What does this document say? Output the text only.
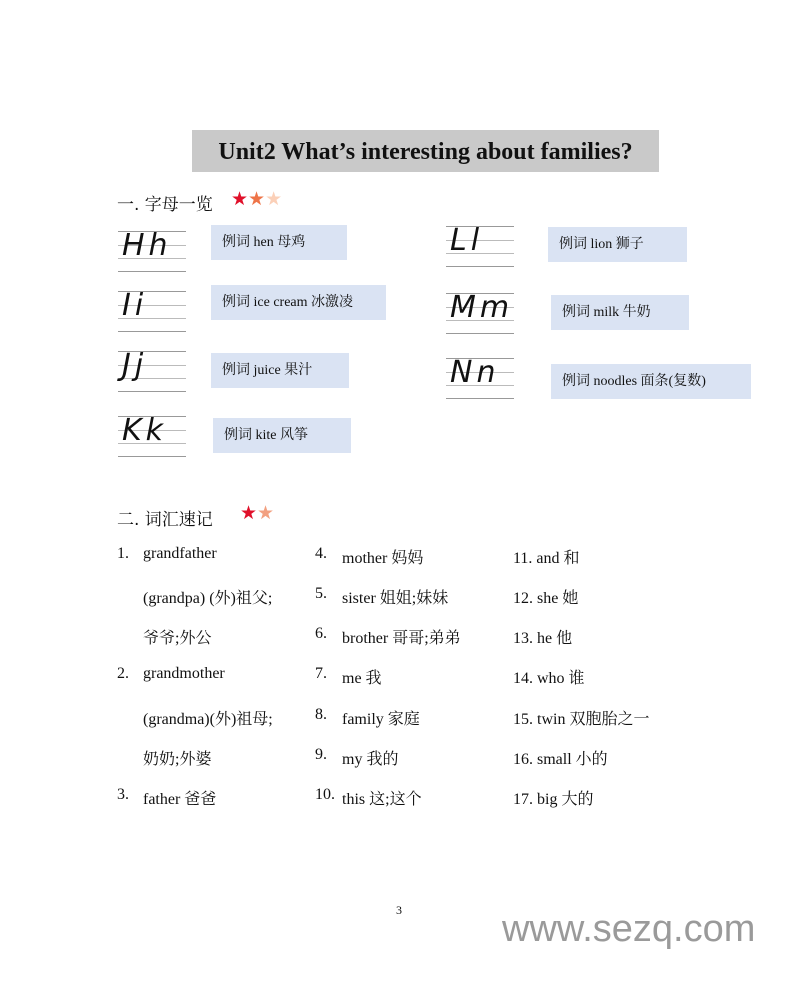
Unit2 What’s interesting about families?
一. 字母一览 ★★★
Hh
Ii
Jj
Kk
Ll
Mm
Nn
例词 hen 母鸡
例词 ice cream 冰激凌
例词 juice 果汁
例词 kite 风筝
例词 lion 狮子
例词 milk 牛奶
例词 noodles 面条(复数)
二. 词汇速记 ★★
1. grandfather
(grandpa) (外)祖父;
爷爷;外公
2. grandmother
(grandma)(外)祖母;
奶奶;外婆
3. father 爸爸
4. mother 妈妈
5. sister 姐姐;妹妹
6. brother 哥哥;弟弟
7. me 我
8. family 家庭
9. my 我的
10. this 这;这个
11. and 和
12. she 她
13. he 他
14. who 谁
15. twin 双胞胎之一
16. small 小的
17. big 大的
3	www.sezq.com
